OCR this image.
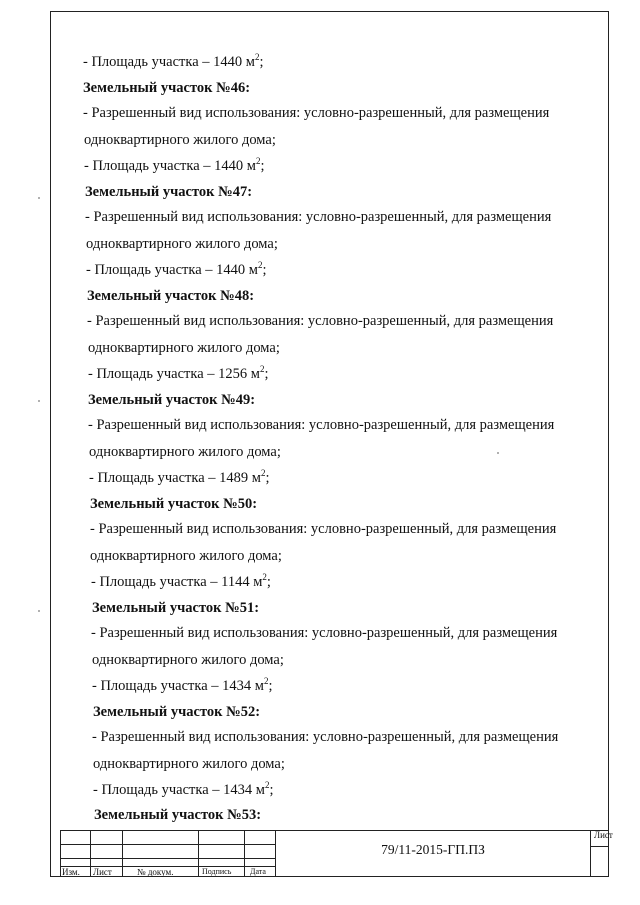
- Площадь участка – 1440 $м^2$;
Земельный участок №46:
- Разрешенный вид использования: условно-разрешенный, для размещения
одноквартирного жилого дома;
- Площадь участка – 1440 $м^2$;
Земельный участок №47:
- Разрешенный вид использования: условно-разрешенный, для размещения
одноквартирного жилого дома;
- Площадь участка – 1440 $м^2$;
Земельный участок №48:
- Разрешенный вид использования: условно-разрешенный, для размещения
одноквартирного жилого дома;
- Площадь участка – 1256 $м^2$;
Земельный участок №49:
- Разрешенный вид использования: условно-разрешенный, для размещения
одноквартирного жилого дома;
- Площадь участка – 1489 $м^2$;
Земельный участок №50:
- Разрешенный вид использования: условно-разрешенный, для размещения
одноквартирного жилого дома;
- Площадь участка – 1144 $м^2$;
Земельный участок №51:
- Разрешенный вид использования: условно-разрешенный, для размещения
одноквартирного жилого дома;
- Площадь участка – 1434 $м^2$;
Земельный участок №52:
- Разрешенный вид использования: условно-разрешенный, для размещения
одноквартирного жилого дома;
- Площадь участка – 1434 $м^2$;
Земельный участок №53:
Изм. Лист	№ докум.	Подпись Дата
79/11-2015-ГП.ПЗ
Лист
